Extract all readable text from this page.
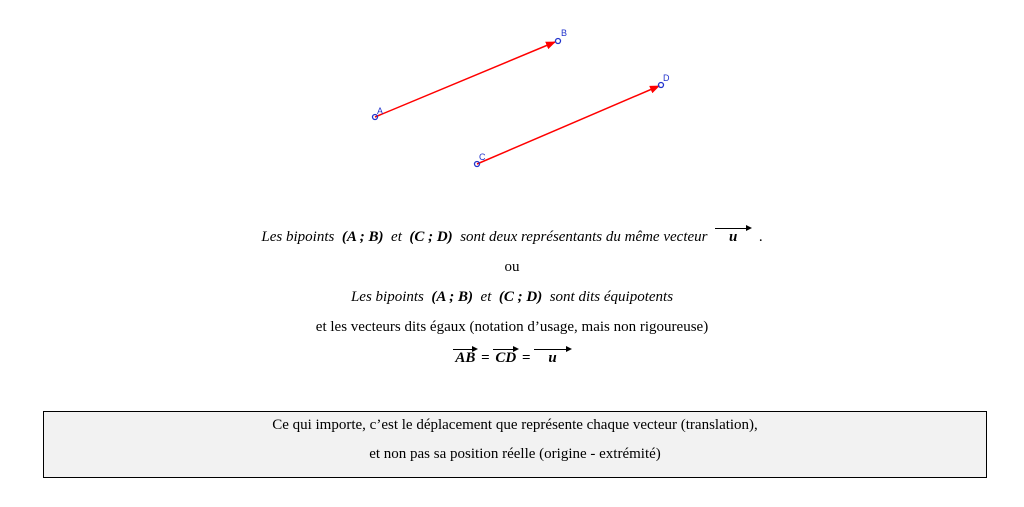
A
B
C
D
Les bipoints (A ; B) et (C ; D) sont deux représentants du même vecteur u .
ou
Les bipoints (A ; B) et (C ; D) sont dits équipotents
et les vecteurs dits égaux (notation d’usage, mais non rigoureuse)
AB = CD = u
Ce qui importe, c’est le déplacement que représente chaque vecteur (translation),
et non pas sa position réelle (origine - extrémité)
